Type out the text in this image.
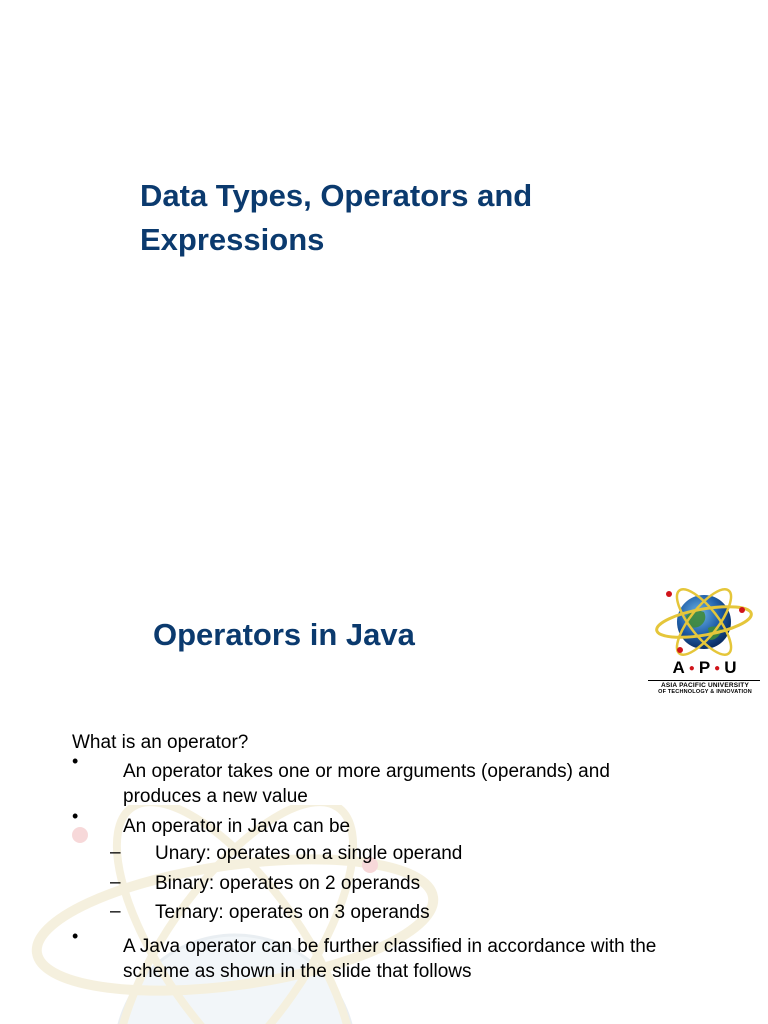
Data Types, Operators and
Expressions
A ● P ● U
ASIA PACIFIC UNIVERSITY
OF TECHNOLOGY & INNOVATION
Operators in Java

What is an operator?

• An operator takes one or more arguments (operands) and
produces a new value

• An operator in Java can be

– Unary: operates on a single operand
– Binary: operates on 2 operands
– Ternary: operates on 3 operands
• A Java operator can be further classified in accordance with the
scheme as shown in the slide that follows
